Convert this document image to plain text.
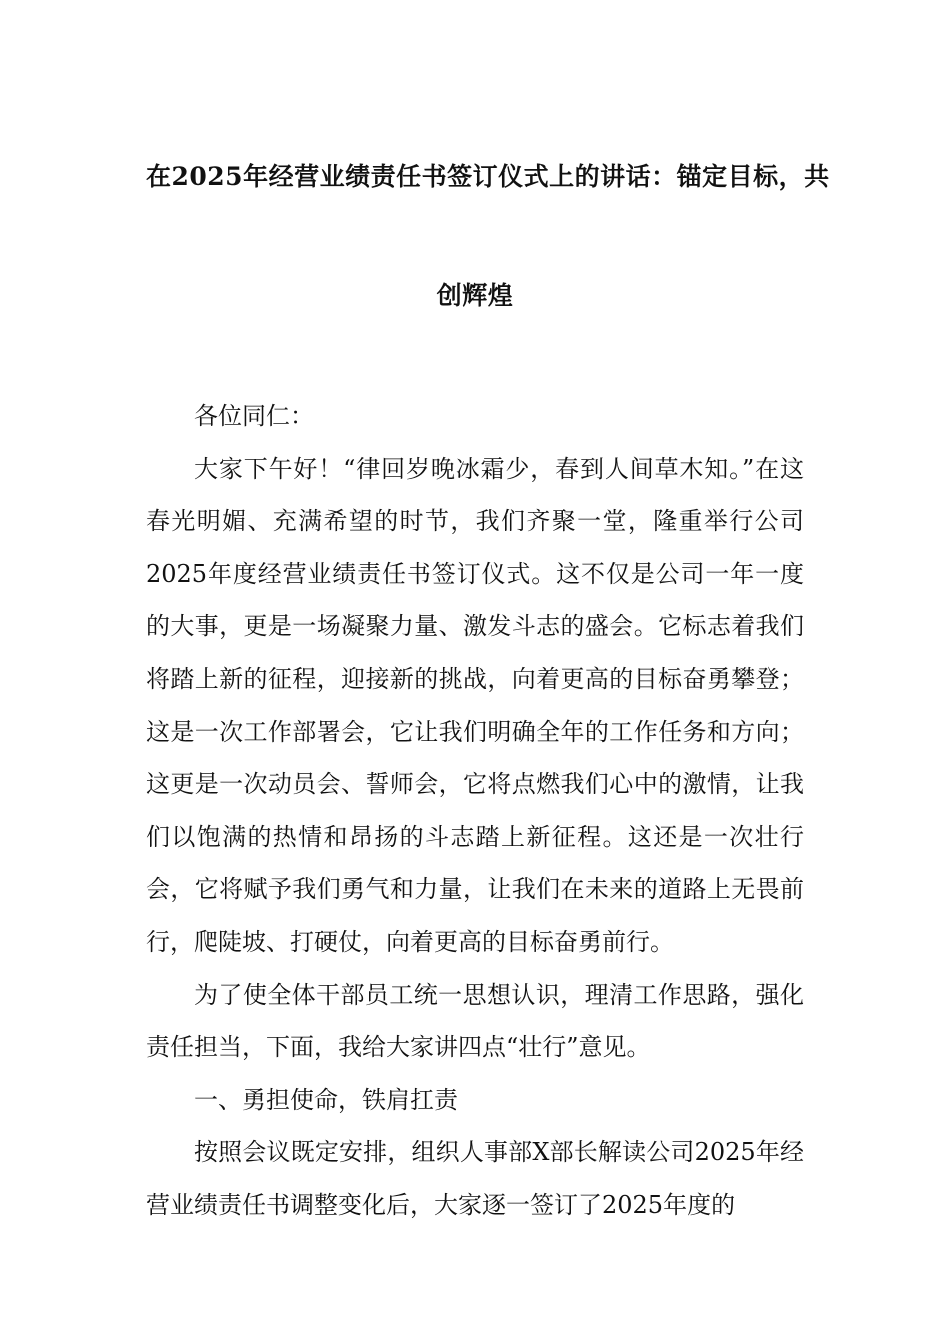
在2025年经营业绩责任书签订仪式上的讲话：锚定目标，共
创辉煌

各位同仁：

大家下午好！“律回岁晚冰霜少，春到人间草木知。”在这春光明媚、充满希望的时节，我们齐聚一堂，隆重举行公司2025年度经营业绩责任书签订仪式。这不仅是公司一年一度的大事，更是一场凝聚力量、激发斗志的盛会。它标志着我们将踏上新的征程，迎接新的挑战，向着更高的目标奋勇攀登；这是一次工作部署会，它让我们明确全年的工作任务和方向；这更是一次动员会、誓师会，它将点燃我们心中的激情，让我们以饱满的热情和昂扬的斗志踏上新征程。这还是一次壮行会，它将赋予我们勇气和力量，让我们在未来的道路上无畏前行，爬陡坡、打硬仗，向着更高的目标奋勇前行。

为了使全体干部员工统一思想认识，理清工作思路，强化责任担当，下面，我给大家讲四点“壮行”意见。

一、勇担使命，铁肩扛责

按照会议既定安排，组织人事部X部长解读公司2025年经营业绩责任书调整变化后，大家逐一签订了2025年度的
